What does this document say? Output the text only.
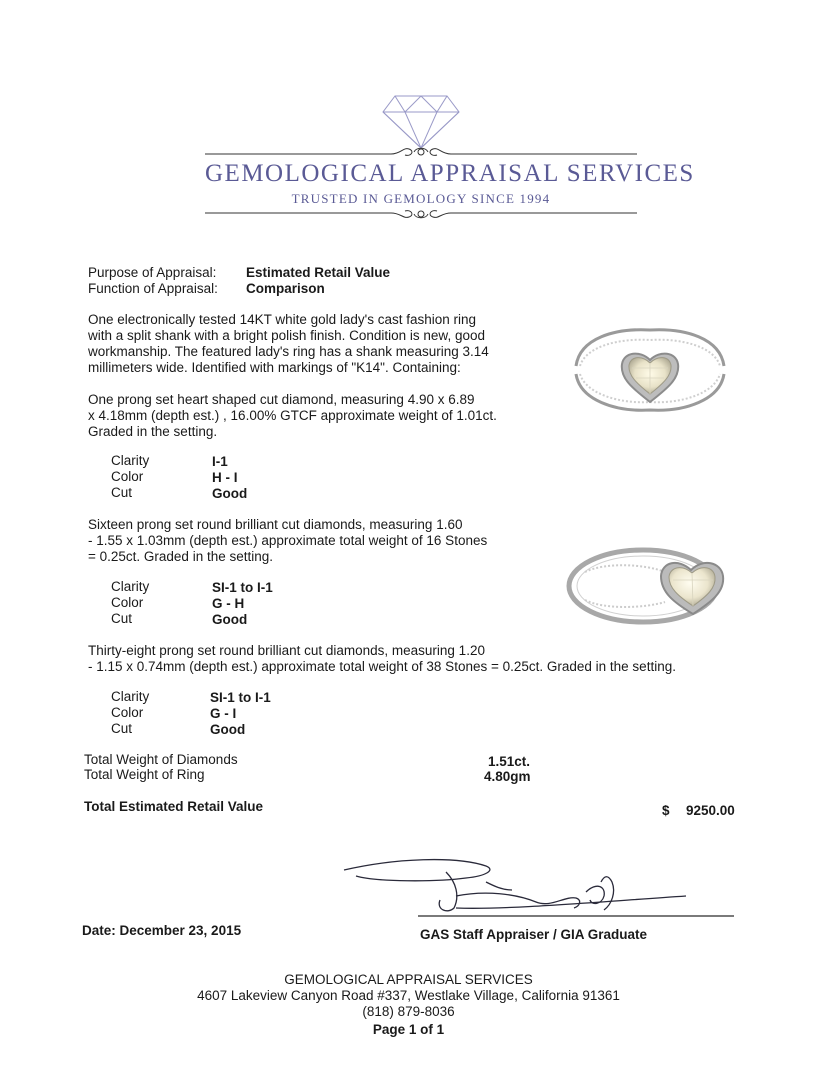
GEMOLOGICAL APPRAISAL SERVICES
TRUSTED IN GEMOLOGY SINCE 1994
Purpose of Appraisal: Estimated Retail Value
Function of Appraisal: Comparison
One electronically tested 14KT white gold lady's cast fashion ring
with a split shank with a bright polish finish. Condition is new, good
workmanship. The featured lady's ring has a shank measuring 3.14
millimeters wide. Identified with markings of "K14". Containing:
One prong set heart shaped cut diamond, measuring 4.90 x 6.89
x 4.18mm (depth est.) , 16.00% GTCF approximate weight of 1.01ct.
Graded in the setting.
Clarity	I-1
Color	H - I
Cut	Good
Sixteen prong set round brilliant cut diamonds, measuring 1.60
- 1.55 x 1.03mm (depth est.) approximate total weight of 16 Stones
= 0.25ct. Graded in the setting.
Clarity	SI-1 to I-1
Color	G - H
Cut	Good
Thirty-eight prong set round brilliant cut diamonds, measuring 1.20
- 1.15 x 0.74mm (depth est.) approximate total weight of 38 Stones = 0.25ct. Graded in the setting.
Clarity	SI-1 to I-1
Color	G - I
Cut	Good
Total Weight of Diamonds	1.51ct.
Total Weight of Ring	4.80gm
Total Estimated Retail Value	$ 9250.00
Date: December 23, 2015	GAS Staff Appraiser / GIA Graduate
GEMOLOGICAL APPRAISAL SERVICES
4607 Lakeview Canyon Road #337, Westlake Village, California 91361
(818) 879-8036
Page 1 of 1
